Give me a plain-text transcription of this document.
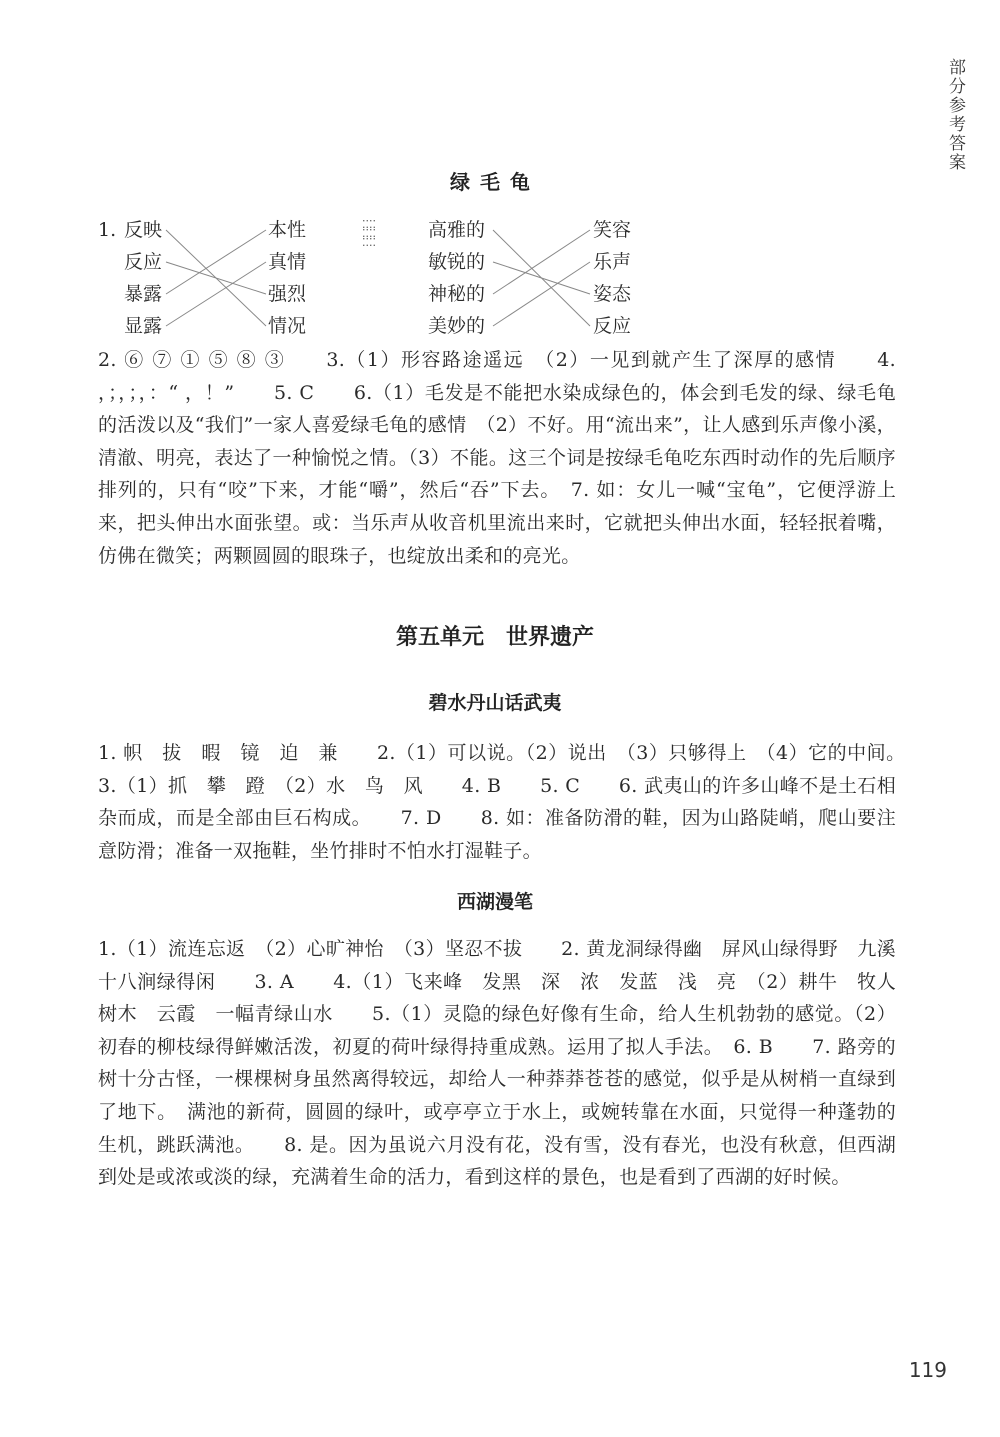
部分参考答案
绿毛龟
1. 反映
反应
暴露
显露
本性
真情
强烈
情况
⁚⁚⁚⁚⁚⁚⁚⁚⁚⁚⁚⁚
高雅的
敏锐的
神秘的
美妙的
笑容
乐声
姿态
反应
2. ⑥ ⑦ ① ⑤ ⑧ ③　　3.（1）形容路途遥远　（2）一见到就产生了深厚的感情　　4. ，；，；，：“ ，！”　　5. C　　6.（1）毛发是不能把水染成绿色的，体会到毛发的绿、绿毛龟的活泼以及“我们”一家人喜爱绿毛龟的感情　（2）不好。用“流出来”，让人感到乐声像小溪，清澈、明亮，表达了一种愉悦之情。（3）不能。这三个词是按绿毛龟吃东西时动作的先后顺序排列的，只有“咬”下来，才能“嚼”，然后“吞”下去。　7. 如：女儿一喊“宝龟”，它便浮游上来，把头伸出水面张望。或：当乐声从收音机里流出来时，它就把头伸出水面，轻轻抿着嘴，仿佛在微笑；两颗圆圆的眼珠子，也绽放出柔和的亮光。
第五单元　世界遗产
碧水丹山话武夷
1. 帜　拔　暇　镜　迫　兼　　2.（1）可以说。（2）说出　（3）只够得上　（4）它的中间。　3.（1）抓　攀　蹬　（2）水　鸟　风　　4. B　　5. C　　6. 武夷山的许多山峰不是土石相杂而成，而是全部由巨石构成。　　7. D　　8. 如：准备防滑的鞋，因为山路陡峭，爬山要注意防滑；准备一双拖鞋，坐竹排时不怕水打湿鞋子。
西湖漫笔
1.（1）流连忘返　（2）心旷神怡　（3）坚忍不拔　　2. 黄龙洞绿得幽　屏风山绿得野　九溪十八涧绿得闲　　3. A　　4.（1）飞来峰　发黑　深　浓　发蓝　浅　亮　（2）耕牛　牧人　树木　云霞　一幅青绿山水　　5.（1）灵隐的绿色好像有生命，给人生机勃勃的感觉。（2）初春的柳枝绿得鲜嫩活泼，初夏的荷叶绿得持重成熟。运用了拟人手法。　6. B　　7. 路旁的树十分古怪，一棵棵树身虽然离得较远，却给人一种莽莽苍苍的感觉，似乎是从树梢一直绿到了地下。　满池的新荷，圆圆的绿叶，或亭亭立于水上，或婉转靠在水面，只觉得一种蓬勃的生机，跳跃满池。　　8. 是。因为虽说六月没有花，没有雪，没有春光，也没有秋意，但西湖到处是或浓或淡的绿，充满着生命的活力，看到这样的景色，也是看到了西湖的好时候。
119
